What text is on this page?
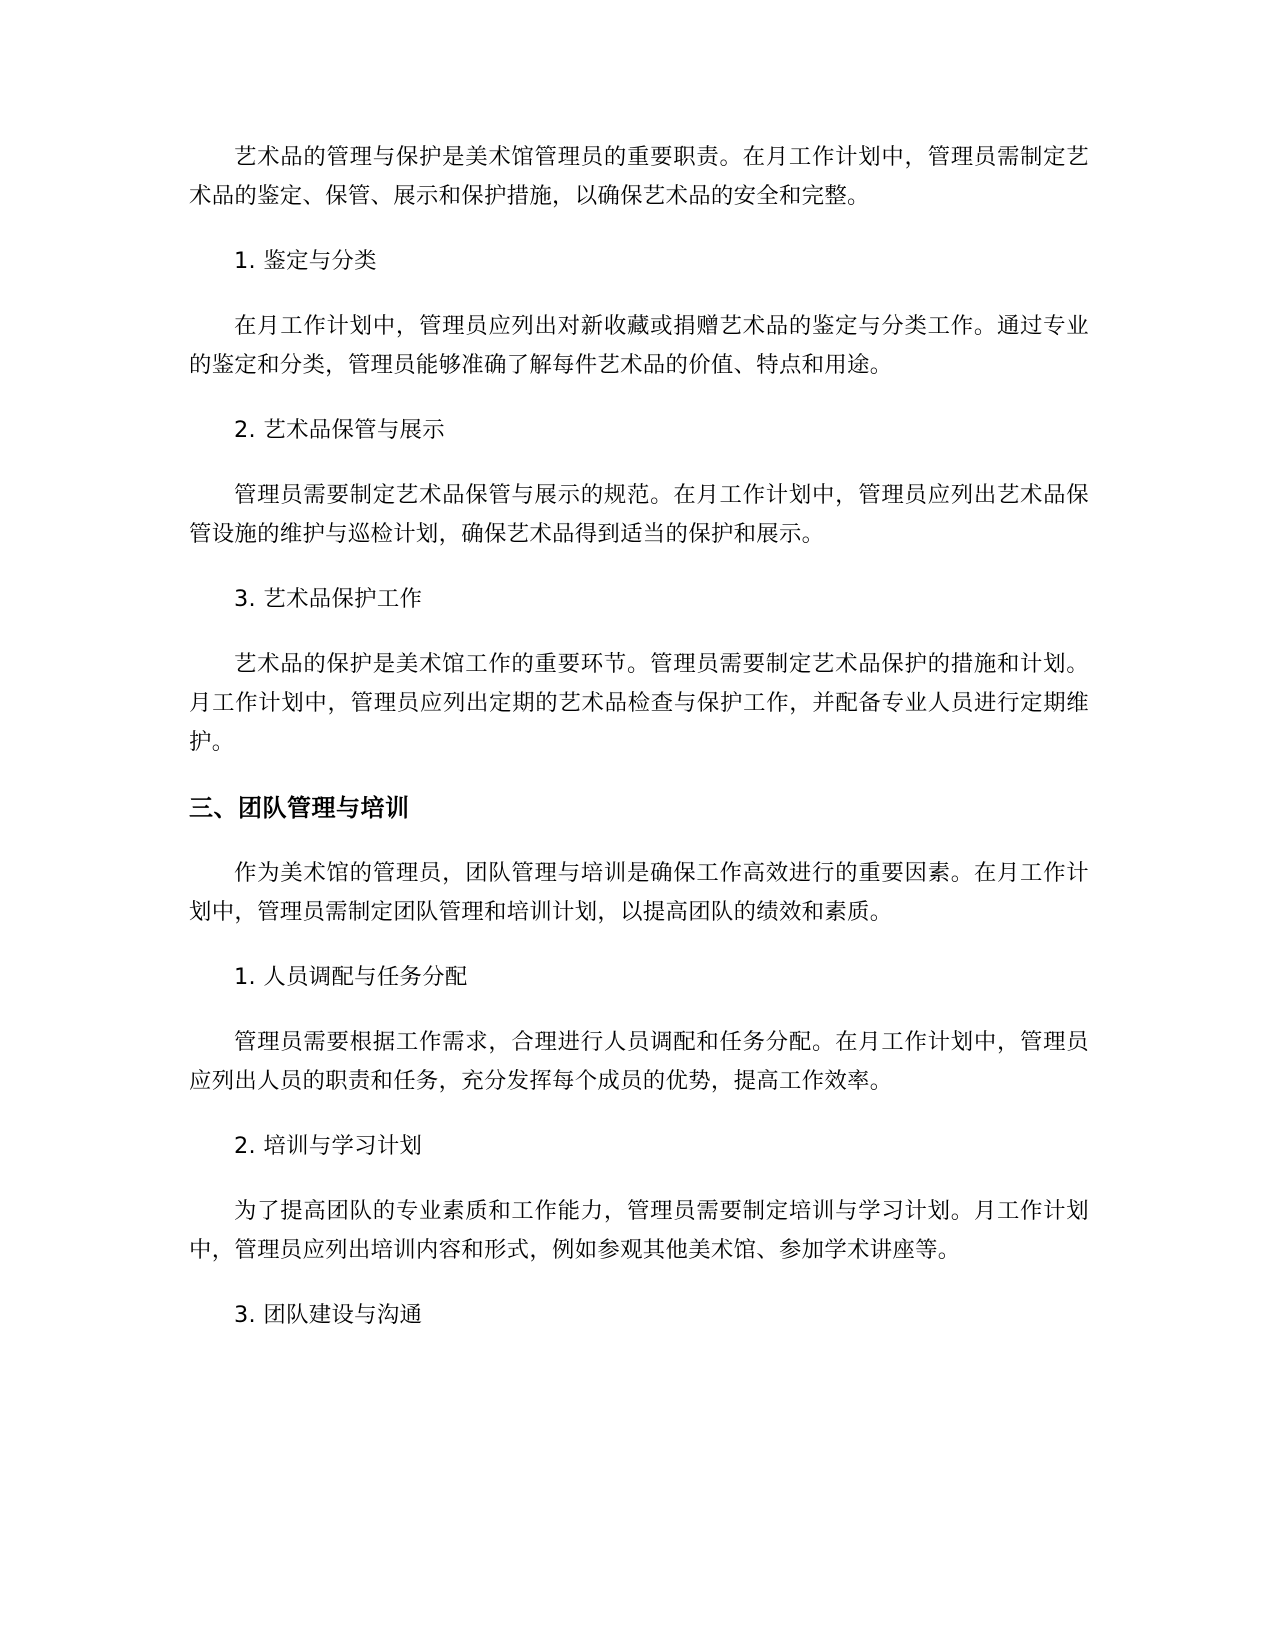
艺术品的管理与保护是美术馆管理员的重要职责。在月工作计划中，管理员需制定艺术品的鉴定、保管、展示和保护措施，以确保艺术品的安全和完整。

1. 鉴定与分类

在月工作计划中，管理员应列出对新收藏或捐赠艺术品的鉴定与分类工作。通过专业的鉴定和分类，管理员能够准确了解每件艺术品的价值、特点和用途。

2. 艺术品保管与展示

管理员需要制定艺术品保管与展示的规范。在月工作计划中，管理员应列出艺术品保管设施的维护与巡检计划，确保艺术品得到适当的保护和展示。

3. 艺术品保护工作

艺术品的保护是美术馆工作的重要环节。管理员需要制定艺术品保护的措施和计划。月工作计划中，管理员应列出定期的艺术品检查与保护工作，并配备专业人员进行定期维护。

三、团队管理与培训

作为美术馆的管理员，团队管理与培训是确保工作高效进行的重要因素。在月工作计划中，管理员需制定团队管理和培训计划，以提高团队的绩效和素质。

1. 人员调配与任务分配

管理员需要根据工作需求，合理进行人员调配和任务分配。在月工作计划中，管理员应列出人员的职责和任务，充分发挥每个成员的优势，提高工作效率。

2. 培训与学习计划

为了提高团队的专业素质和工作能力，管理员需要制定培训与学习计划。月工作计划中，管理员应列出培训内容和形式，例如参观其他美术馆、参加学术讲座等。

3. 团队建设与沟通
